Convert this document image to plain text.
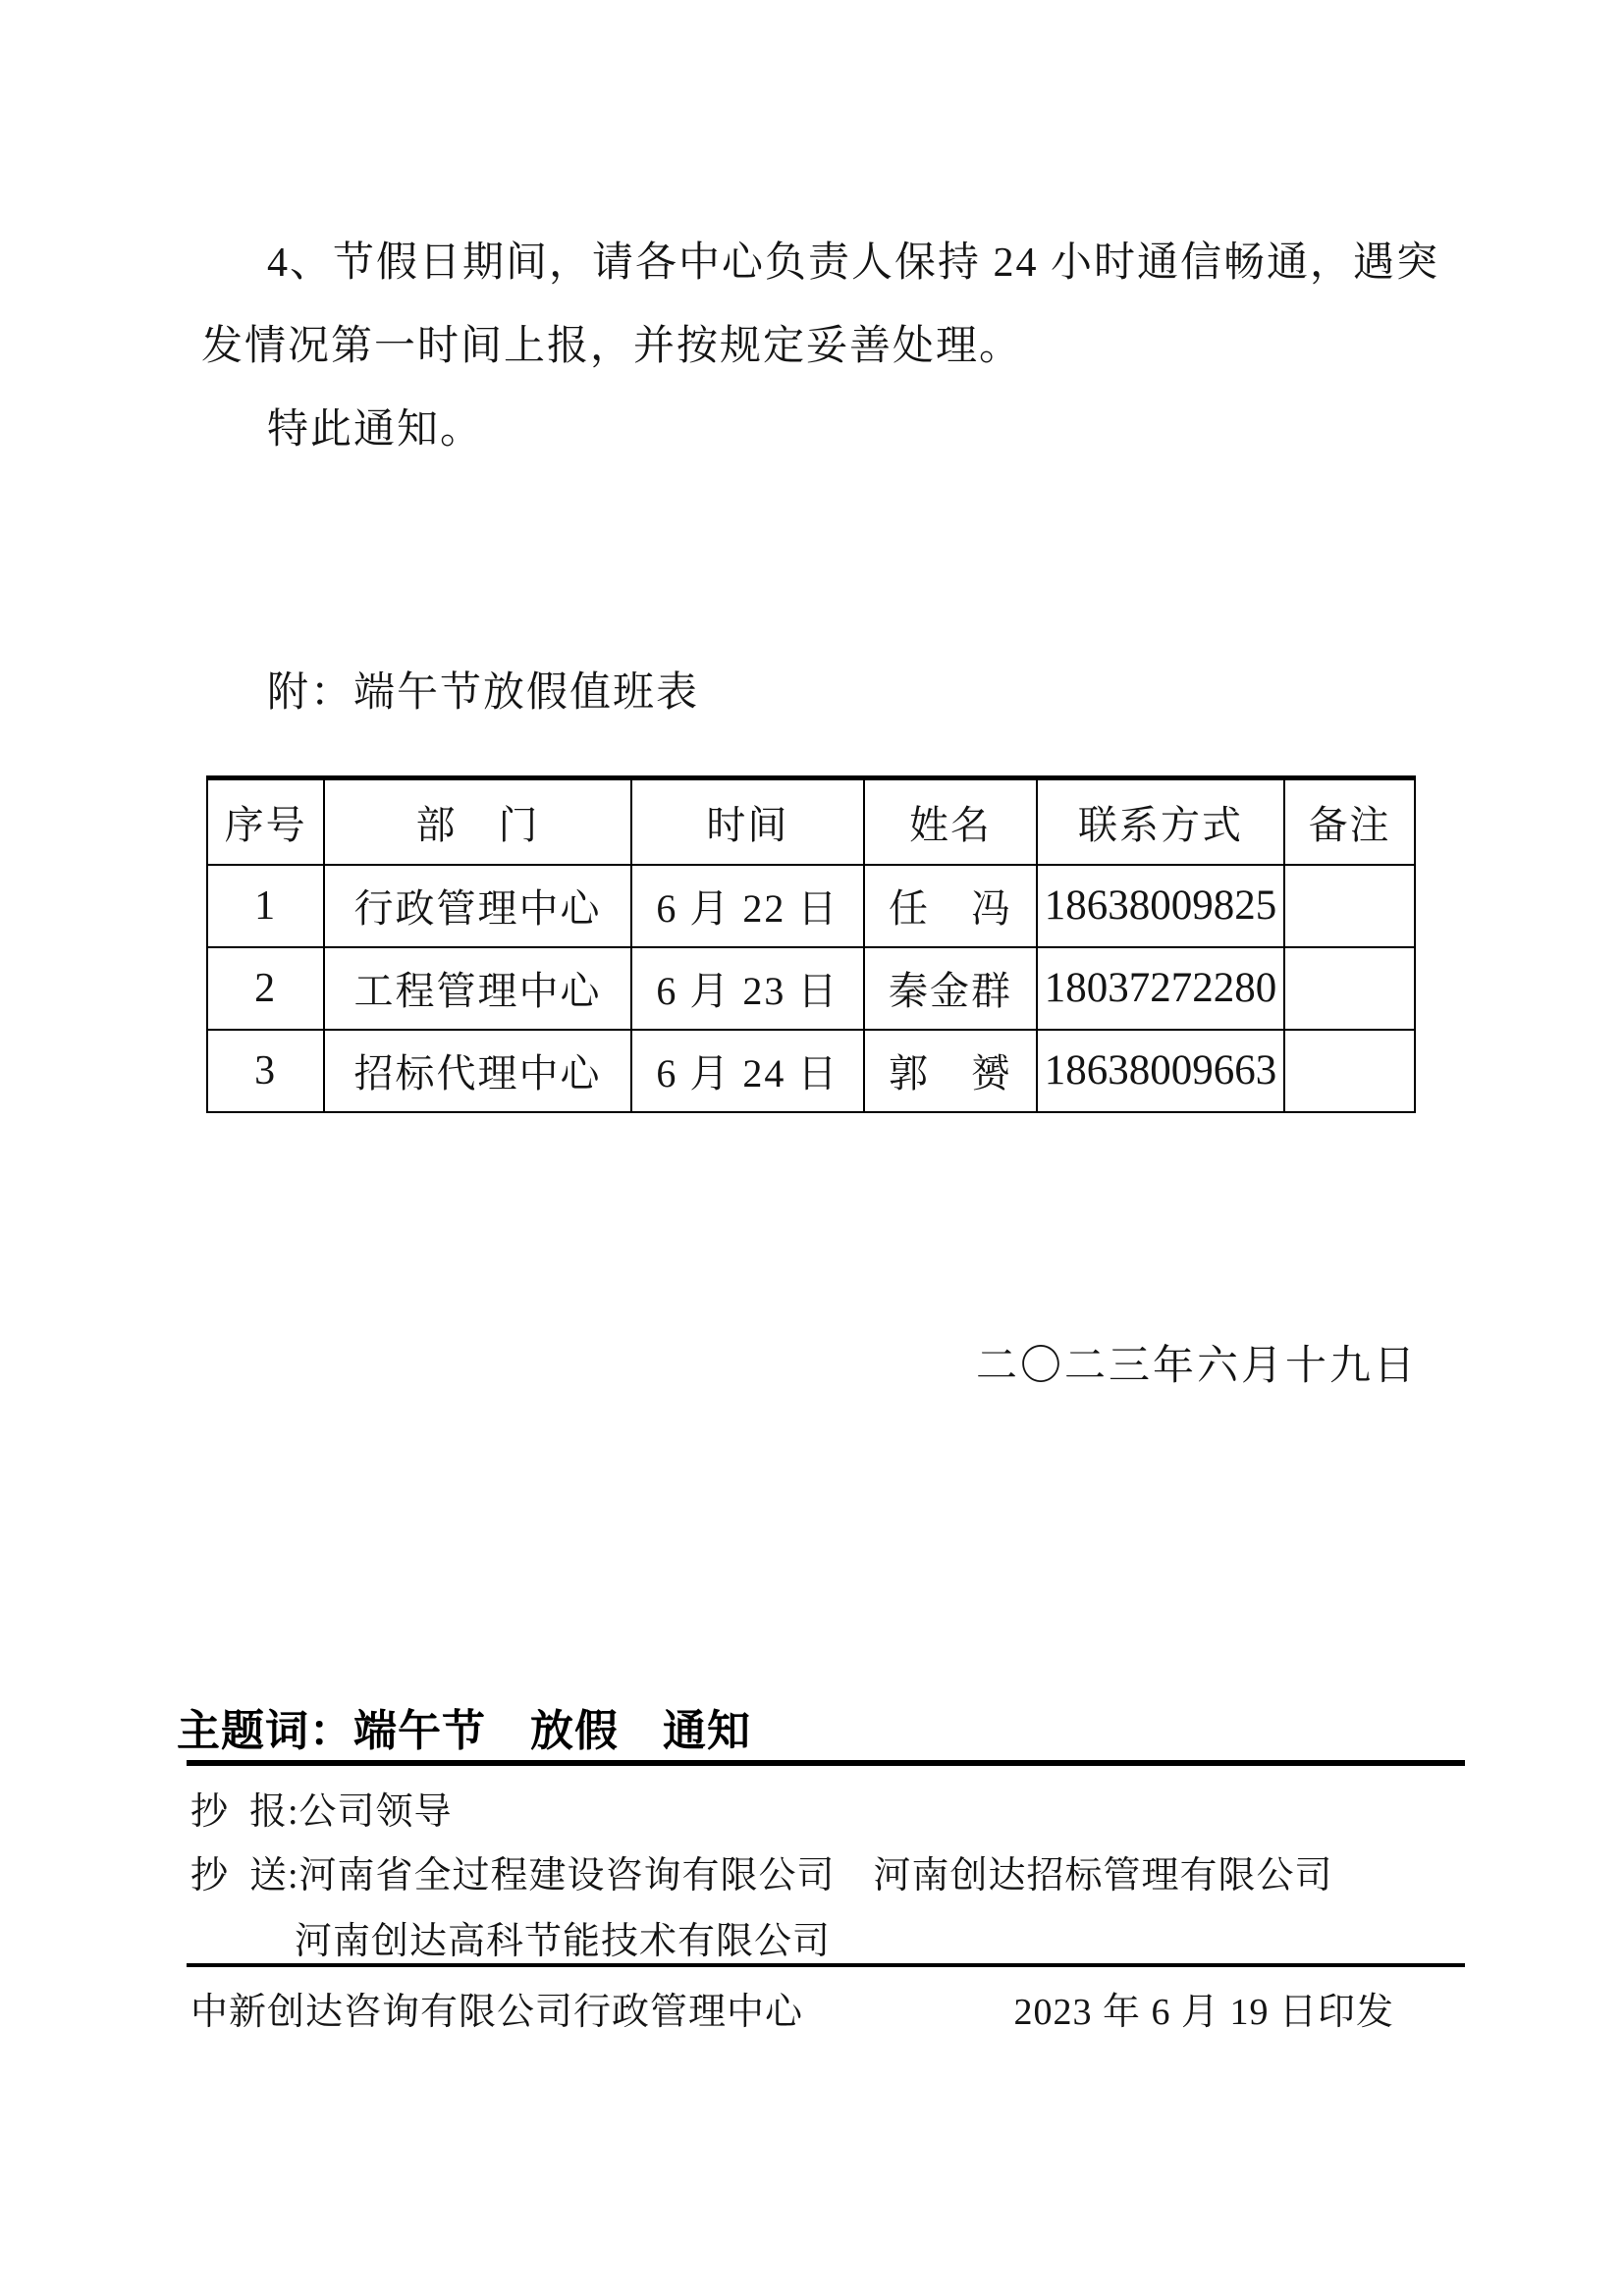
4、节假日期间，请各中心负责人保持 24 小时通信畅通，遇突
发情况第一时间上报，并按规定妥善处理。
特此通知。
附：端午节放假值班表
序号	部　门	时间	姓名	联系方式	备注
1	行政管理中心	6 月 22 日	任　冯	18638009825	
2	工程管理中心	6 月 23 日	秦金群	18037272280	
3	招标代理中心	6 月 24 日	郭　赟	18638009663	
二〇二三年六月十九日
主题词：端午节　放假　通知
抄  报:公司领导
抄  送:河南省全过程建设咨询有限公司　河南创达招标管理有限公司
河南创达高科节能技术有限公司
中新创达咨询有限公司行政管理中心	2023 年 6 月 19 日印发
